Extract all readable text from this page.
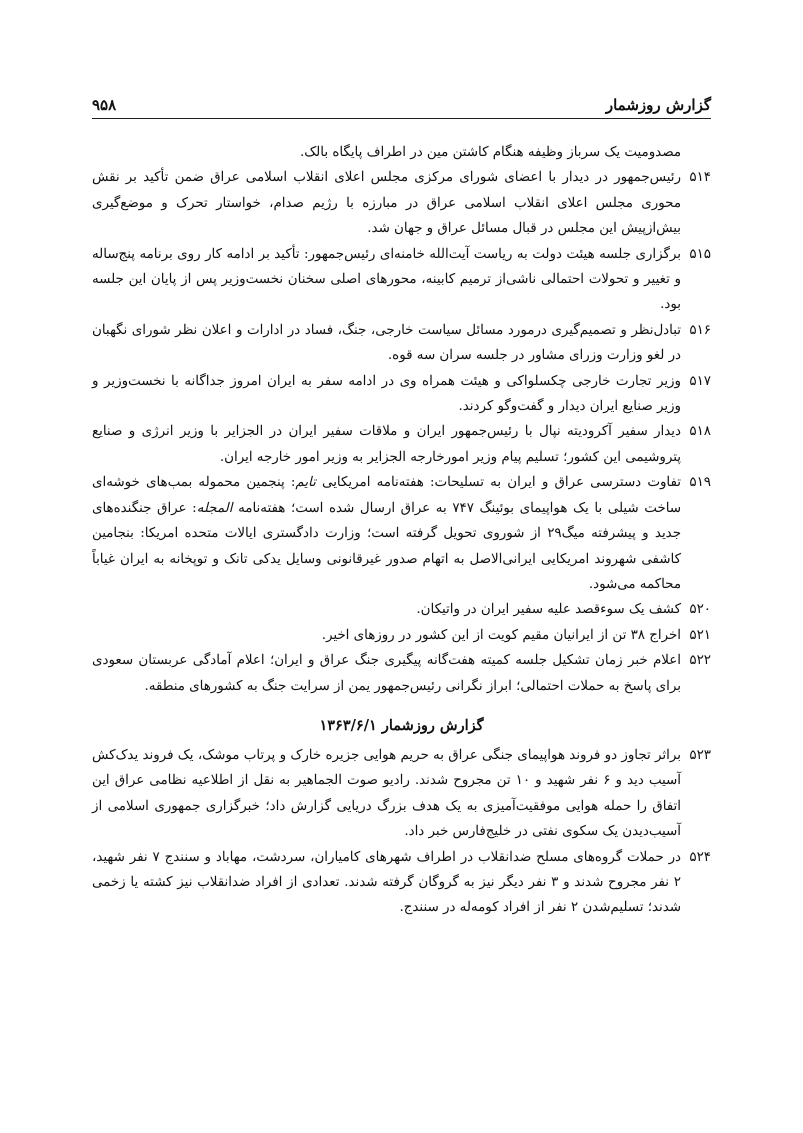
گزارش روزشمار
۹۵۸

مصدومیت یک سرباز وظیفه هنگام کاشتن مین در اطراف پایگاه بالک.

۵۱۴
رئیس‌جمهور در دیدار با اعضای شورای مرکزی مجلس اعلای انقلاب اسلامی عراق ضمن تأکید بر نقش محوری مجلس اعلای انقلاب اسلامی عراق در مبارزه با رژیم صدام، خواستار تحرک و موضع‌گیری بیش‌ازپیش این مجلس در قبال مسائل عراق و جهان شد.

۵۱۵
برگزاری جلسه هیئت دولت به ریاست آیت‌الله خامنه‌ای رئیس‌جمهور: تأکید بر ادامه کار روی برنامه پنج‌ساله و تغییر و تحولات احتمالی ناشی‌از ترمیم کابینه، محورهای اصلی سخنان نخست‌وزیر پس از پایان این جلسه بود.

۵۱۶
تبادل‌نظر و تصمیم‌گیری درمورد مسائل سیاست خارجی، جنگ، فساد در ادارات و اعلان نظر شورای نگهبان در لغو وزارت وزرای مشاور در جلسه سران سه قوه.

۵۱۷
وزیر تجارت خارجی چکسلواکی و هیئت همراه وی در ادامه سفر به ایران امروز جداگانه با نخست‌وزیر و وزیر صنایع ایران دیدار و گفت‌وگو کردند.

۵۱۸
دیدار سفیر آکرودیته نپال با رئیس‌جمهور ایران و ملاقات سفیر ایران در الجزایر با وزیر انرژی و صنایع پتروشیمی این کشور؛ تسلیم پیام وزیر امورخارجه الجزایر به وزیر امور خارجه ایران.

۵۱۹
تفاوت دسترسی عراق و ایران به تسلیحات: هفته‌نامه امریکایی تایم: پنجمین محموله بمب‌های خوشه‌ای ساخت شیلی با یک هواپیمای بوئینگ ۷۴۷ به عراق ارسال شده است؛ هفته‌نامه المجله: عراق جنگنده‌های جدید و پیشرفته میگ۲۹ از شوروی تحویل گرفته است؛ وزارت دادگستری ایالات متحده امریکا: بنجامین کاشفی شهروند امریکایی ایرانی‌الاصل به اتهام صدور غیرقانونی وسایل یدکی تانک و توپخانه به ایران غیاباً محاکمه می‌شود.

۵۲۰
کشف یک سوءقصد علیه سفیر ایران در واتیکان.

۵۲۱
اخراج ۳۸ تن از ایرانیان مقیم کویت از این کشور در روزهای اخیر.

۵۲۲
اعلام خبر زمان تشکیل جلسه کمیته هفت‌گانه پیگیری جنگ عراق و ایران؛ اعلام آمادگی عربستان سعودی برای پاسخ به حملات احتمالی؛ ابراز نگرانی رئیس‌جمهور یمن از سرایت جنگ به کشورهای منطقه.

گزارش روزشمار ۱۳۶۳/۶/۱

۵۲۳
براثر تجاوز دو فروند هواپیمای جنگی عراق به حریم هوایی جزیره خارک و پرتاب موشک، یک فروند یدک‌کش آسیب دید و ۶ نفر شهید و ۱۰ تن مجروح شدند. رادیو صوت الجماهیر به نقل از اطلاعیه نظامی عراق این اتفاق را حمله هوایی موفقیت‌آمیزی به یک هدف بزرگ دریایی گزارش داد؛ خبرگزاری جمهوری اسلامی از آسیب‌دیدن یک سکوی نفتی در خلیج‌فارس خبر داد.

۵۲۴
در حملات گروه‌های مسلح ضدانقلاب در اطراف شهرهای کامیاران، سردشت، مهاباد و سنندج ۷ نفر شهید، ۲ نفر مجروح شدند و ۳ نفر دیگر نیز به گروگان گرفته شدند. تعدادی از افراد ضدانقلاب نیز کشته یا زخمی شدند؛ تسلیم‌شدن ۲ نفر از افراد کومه‌له در سنندج.
